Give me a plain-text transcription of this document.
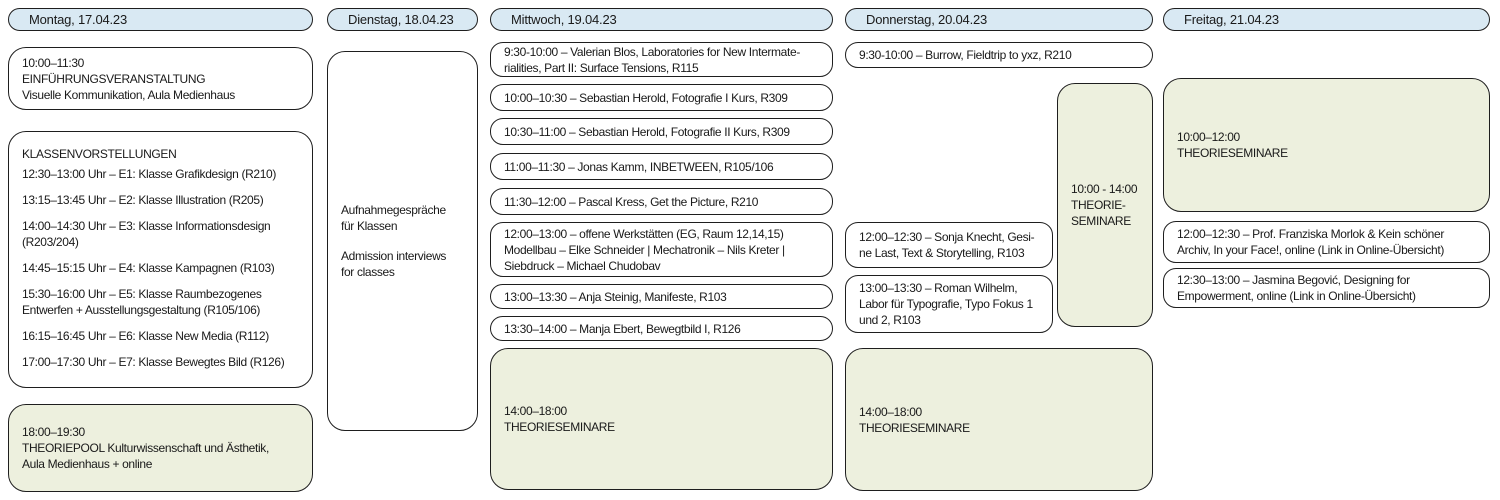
Montag, 17.04.23
10:00–11:30
EINFÜHRUNGSVERANSTALTUNG
Visuelle Kommunikation, Aula Medienhaus
KLASSENVORSTELLUNGEN
12:30–13:00 Uhr – E1: Klasse Grafikdesign (R210)
13:15–13:45 Uhr – E2: Klasse Illustration (R205)
14:00–14:30 Uhr – E3: Klasse Informationsdesign
(R203/204)
14:45–15:15 Uhr – E4: Klasse Kampagnen (R103)
15:30–16:00 Uhr – E5: Klasse Raumbezogenes
Entwerfen + Ausstellungsgestaltung (R105/106)
16:15–16:45 Uhr – E6: Klasse New Media (R112)
17:00–17:30 Uhr – E7: Klasse Bewegtes Bild (R126)
18:00–19:30
THEORIEPOOL Kulturwissenschaft und Ästhetik,
Aula Medienhaus + online
Dienstag, 18.04.23
Aufnahmegespräche
für Klassen
Admission interviews
for classes
Mittwoch, 19.04.23
9:30-10:00 – Valerian Blos, Laboratories for New Intermate-
rialities, Part II: Surface Tensions, R115
10:00–10:30 – Sebastian Herold, Fotografie I Kurs, R309
10:30–11:00 – Sebastian Herold, Fotografie II Kurs, R309
11:00–11:30 – Jonas Kamm, INBETWEEN, R105/106
11:30–12:00 – Pascal Kress, Get the Picture, R210
12:00–13:00 – offene Werkstätten (EG, Raum 12,14,15)
Modellbau – Elke Schneider | Mechatronik – Nils Kreter |
Siebdruck – Michael Chudobav
13:00–13:30 – Anja Steinig, Manifeste, R103
13:30–14:00 – Manja Ebert, Bewegtbild I, R126
14:00–18:00
THEORIESEMINARE
Donnerstag, 20.04.23
9:30-10:00 – Burrow, Fieldtrip to yxz, R210
10:00 - 14:00
THEORIE-
SEMINARE
12:00–12:30 – Sonja Knecht, Gesi-
ne Last, Text & Storytelling, R103
13:00–13:30 – Roman Wilhelm,
Labor für Typografie, Typo Fokus 1
und 2, R103
14:00–18:00
THEORIESEMINARE
Freitag, 21.04.23
10:00–12:00
THEORIESEMINARE
12:00–12:30 – Prof. Franziska Morlok & Kein schöner
Archiv, In your Face!, online (Link in Online-Übersicht)
12:30–13:00 – Jasmina Begović, Designing for
Empowerment, online (Link in Online-Übersicht)
